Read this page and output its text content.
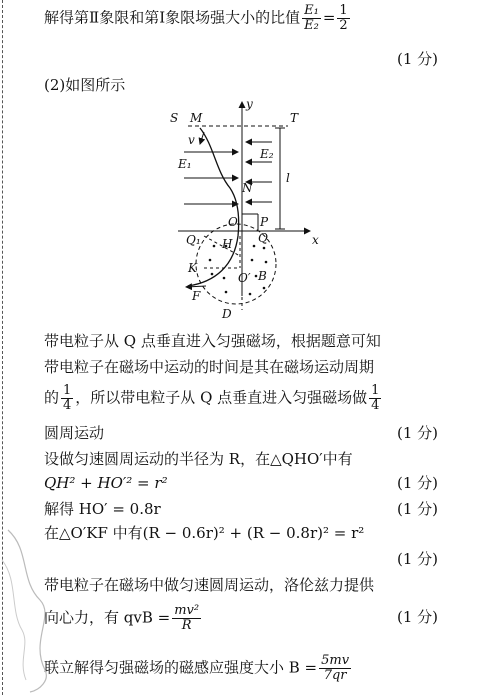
解得第Ⅱ象限和第Ⅰ象限场强大小的比值 $\frac{\text{E₁}}{\text{E₂}} = \frac{1}{2}$
(1 分)
(2)如图所示
S M
y
T
v
E₂
E₁
N
l
O P
x
Q₁ H Q
K
O′ B
F
D
带电粒子从 Q 点垂直进入匀强磁场，根据题意可知
带电粒子在磁场中运动的时间是其在磁场运动周期
的 $\frac{1}{4}$ ，所以带电粒子从 Q 点垂直进入匀强磁场做 $\frac{1}{4}$
圆周运动	(1 分)
设做匀速圆周运动的半径为 R，在△QHO′中有
QH² + HO′² = r²	(1 分)
解得 HO′ = 0.8r	(1 分)
在△O′KF 中有(R − 0.6r)² + (R − 0.8r)² = r²
(1 分)
带电粒子在磁场中做匀速圆周运动，洛伦兹力提供
向心力，有 qvB = $\frac{\text{mv²}}{R}$	(1 分)
联立解得匀强磁场的磁感应强度大小 $B = \frac{5mv}{7qr}$
